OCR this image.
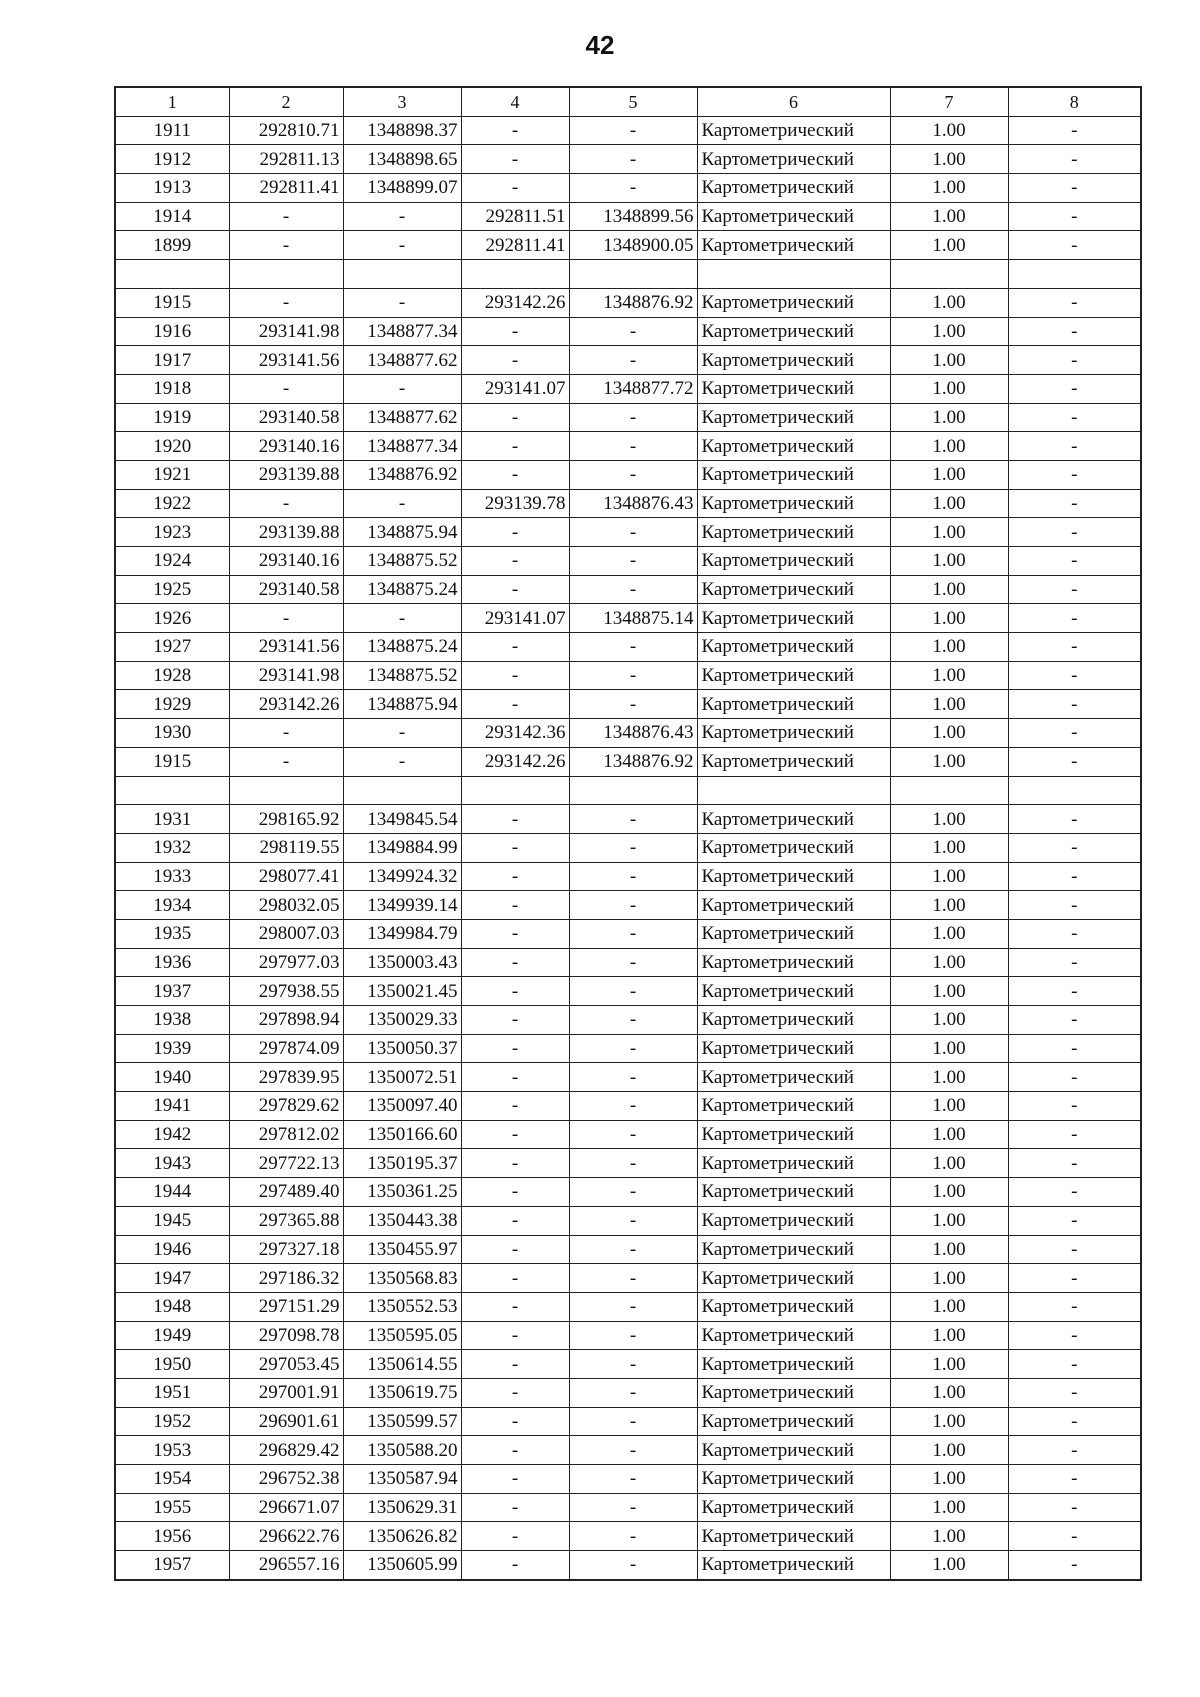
42
1	2	3	4	5	6	7	8
1911	292810.71	1348898.37	-	-	Картометрический	1.00	-
1912	292811.13	1348898.65	-	-	Картометрический	1.00	-
1913	292811.41	1348899.07	-	-	Картометрический	1.00	-
1914	-	-	292811.51	1348899.56	Картометрический	1.00	-
1899	-	-	292811.41	1348900.05	Картометрический	1.00	-

1915	-	-	293142.26	1348876.92	Картометрический	1.00	-
1916	293141.98	1348877.34	-	-	Картометрический	1.00	-
1917	293141.56	1348877.62	-	-	Картометрический	1.00	-
1918	-	-	293141.07	1348877.72	Картометрический	1.00	-
1919	293140.58	1348877.62	-	-	Картометрический	1.00	-
1920	293140.16	1348877.34	-	-	Картометрический	1.00	-
1921	293139.88	1348876.92	-	-	Картометрический	1.00	-
1922	-	-	293139.78	1348876.43	Картометрический	1.00	-
1923	293139.88	1348875.94	-	-	Картометрический	1.00	-
1924	293140.16	1348875.52	-	-	Картометрический	1.00	-
1925	293140.58	1348875.24	-	-	Картометрический	1.00	-
1926	-	-	293141.07	1348875.14	Картометрический	1.00	-
1927	293141.56	1348875.24	-	-	Картометрический	1.00	-
1928	293141.98	1348875.52	-	-	Картометрический	1.00	-
1929	293142.26	1348875.94	-	-	Картометрический	1.00	-
1930	-	-	293142.36	1348876.43	Картометрический	1.00	-
1915	-	-	293142.26	1348876.92	Картометрический	1.00	-

1931	298165.92	1349845.54	-	-	Картометрический	1.00	-
1932	298119.55	1349884.99	-	-	Картометрический	1.00	-
1933	298077.41	1349924.32	-	-	Картометрический	1.00	-
1934	298032.05	1349939.14	-	-	Картометрический	1.00	-
1935	298007.03	1349984.79	-	-	Картометрический	1.00	-
1936	297977.03	1350003.43	-	-	Картометрический	1.00	-
1937	297938.55	1350021.45	-	-	Картометрический	1.00	-
1938	297898.94	1350029.33	-	-	Картометрический	1.00	-
1939	297874.09	1350050.37	-	-	Картометрический	1.00	-
1940	297839.95	1350072.51	-	-	Картометрический	1.00	-
1941	297829.62	1350097.40	-	-	Картометрический	1.00	-
1942	297812.02	1350166.60	-	-	Картометрический	1.00	-
1943	297722.13	1350195.37	-	-	Картометрический	1.00	-
1944	297489.40	1350361.25	-	-	Картометрический	1.00	-
1945	297365.88	1350443.38	-	-	Картометрический	1.00	-
1946	297327.18	1350455.97	-	-	Картометрический	1.00	-
1947	297186.32	1350568.83	-	-	Картометрический	1.00	-
1948	297151.29	1350552.53	-	-	Картометрический	1.00	-
1949	297098.78	1350595.05	-	-	Картометрический	1.00	-
1950	297053.45	1350614.55	-	-	Картометрический	1.00	-
1951	297001.91	1350619.75	-	-	Картометрический	1.00	-
1952	296901.61	1350599.57	-	-	Картометрический	1.00	-
1953	296829.42	1350588.20	-	-	Картометрический	1.00	-
1954	296752.38	1350587.94	-	-	Картометрический	1.00	-
1955	296671.07	1350629.31	-	-	Картометрический	1.00	-
1956	296622.76	1350626.82	-	-	Картометрический	1.00	-
1957	296557.16	1350605.99	-	-	Картометрический	1.00	-
